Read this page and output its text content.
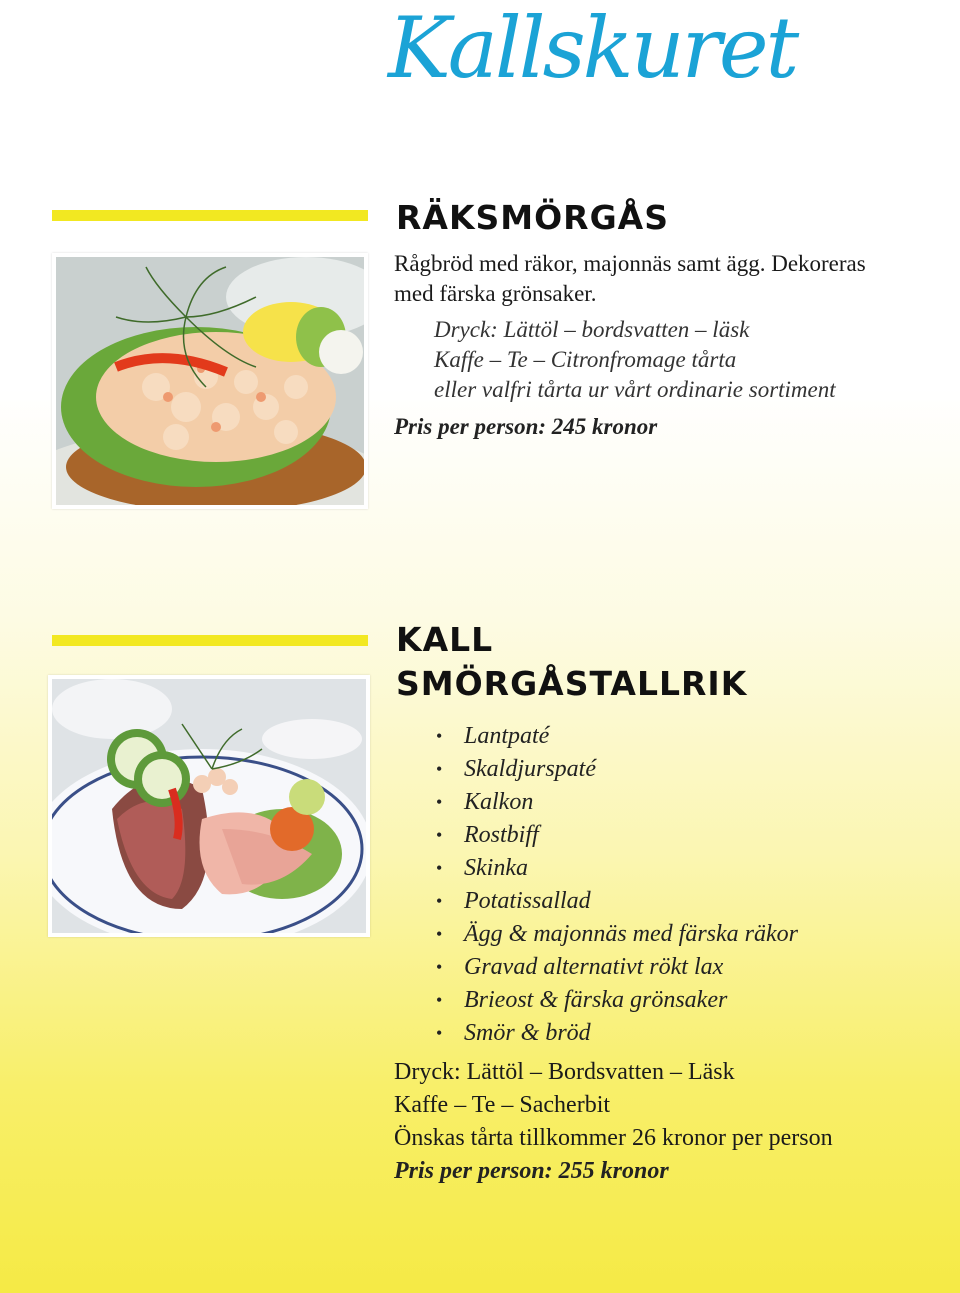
Kallskuret
RÄKSMÖRGÅS
Rågbröd med räkor, majonnäs samt ägg. Dekoreras
med färska grönsaker.
Dryck: Lättöl – bordsvatten – läsk
Kaffe – Te – Citronfromage tårta
eller valfri tårta ur vårt ordinarie sortiment
Pris per person: 245 kronor
KALL
SMÖRGÅSTALLRIK
• Lantpaté
• Skaldjurspaté
• Kalkon
• Rostbiff
• Skinka
• Potatissallad
• Ägg & majonnäs med färska räkor
• Gravad alternativt rökt lax
• Brieost & färska grönsaker
• Smör & bröd
Dryck: Lättöl – Bordsvatten – Läsk
Kaffe – Te – Sacherbit
Önskas tårta tillkommer 26 kronor per person
Pris per person: 255 kronor
